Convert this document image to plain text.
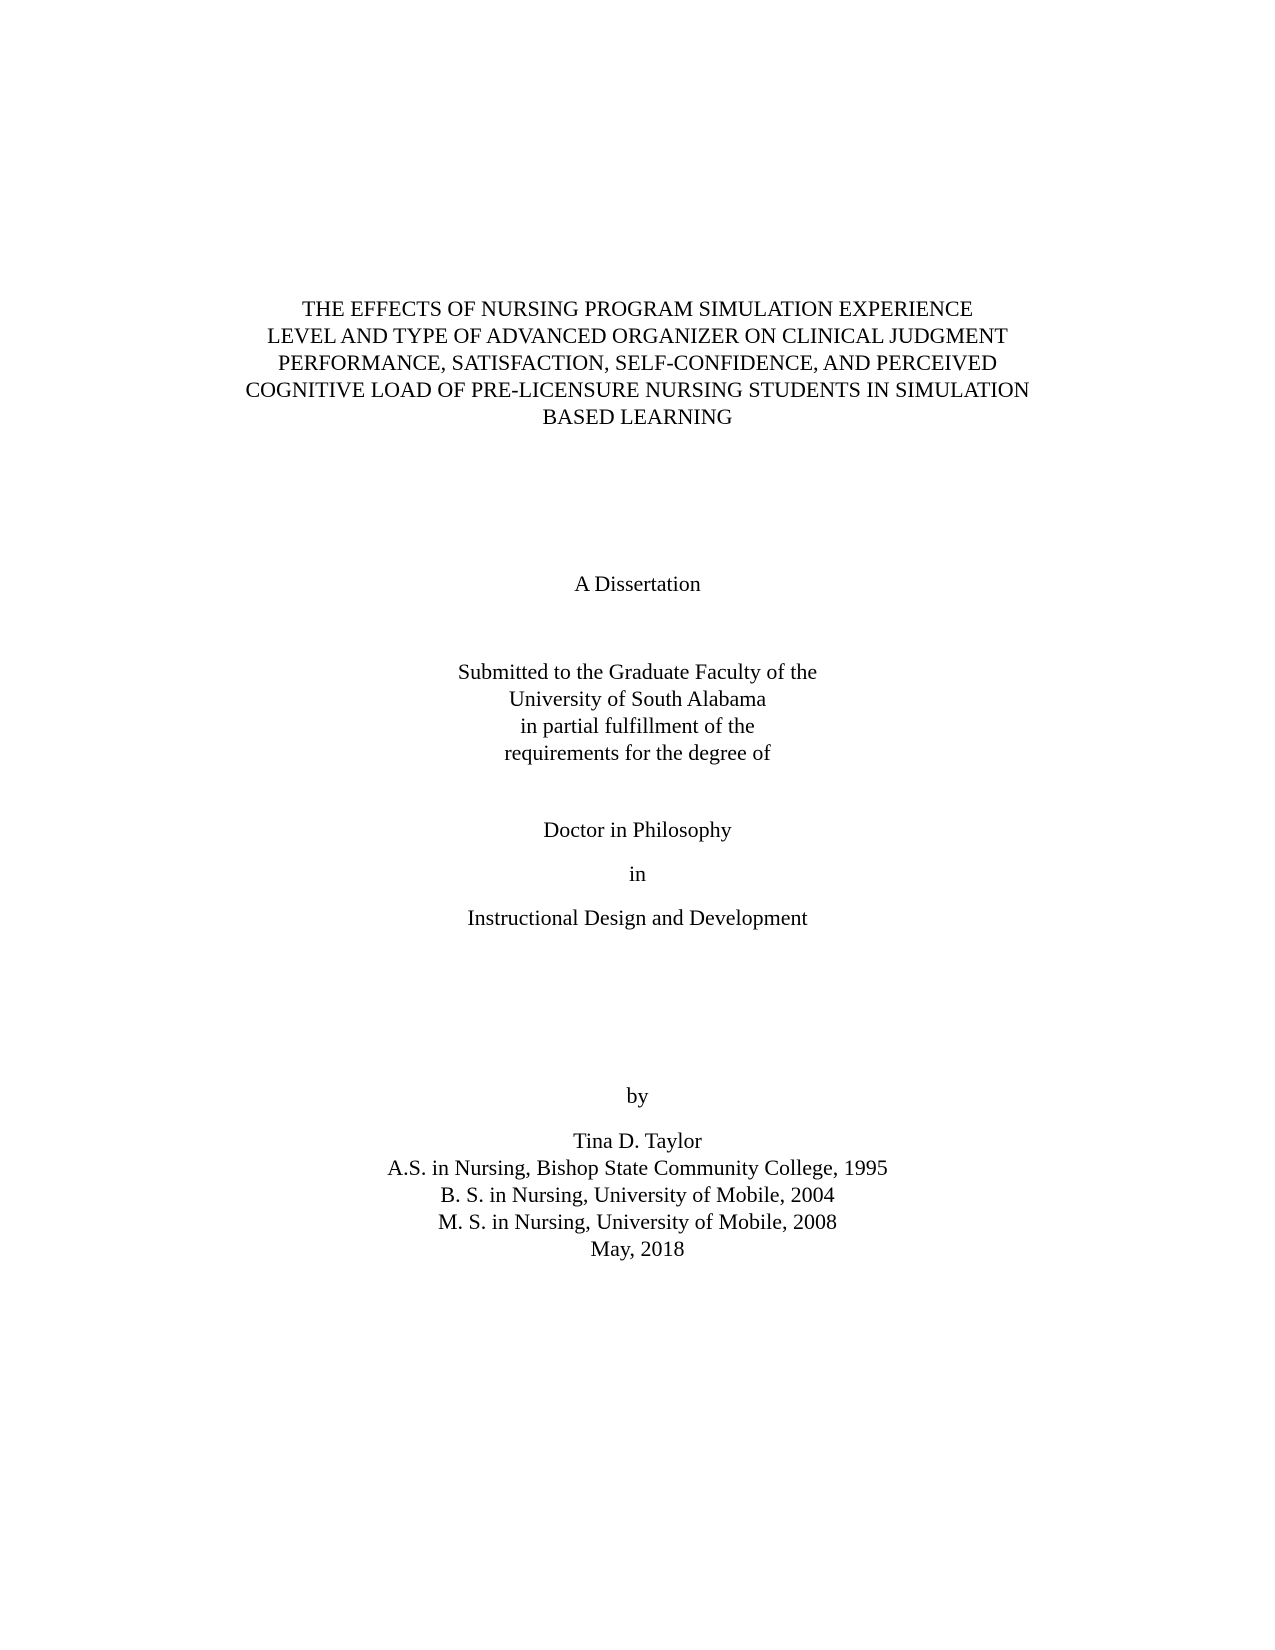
THE EFFECTS OF NURSING PROGRAM SIMULATION EXPERIENCE
LEVEL AND TYPE OF ADVANCED ORGANIZER ON CLINICAL JUDGMENT
PERFORMANCE, SATISFACTION, SELF-CONFIDENCE, AND PERCEIVED
COGNITIVE LOAD OF PRE-LICENSURE NURSING STUDENTS IN SIMULATION
BASED LEARNING
A Dissertation
Submitted to the Graduate Faculty of the
University of South Alabama
in partial fulfillment of the
requirements for the degree of
Doctor in Philosophy
in
Instructional Design and Development
by
Tina D. Taylor
A.S. in Nursing, Bishop State Community College, 1995
B. S. in Nursing, University of Mobile, 2004
M. S. in Nursing, University of Mobile, 2008
May, 2018
